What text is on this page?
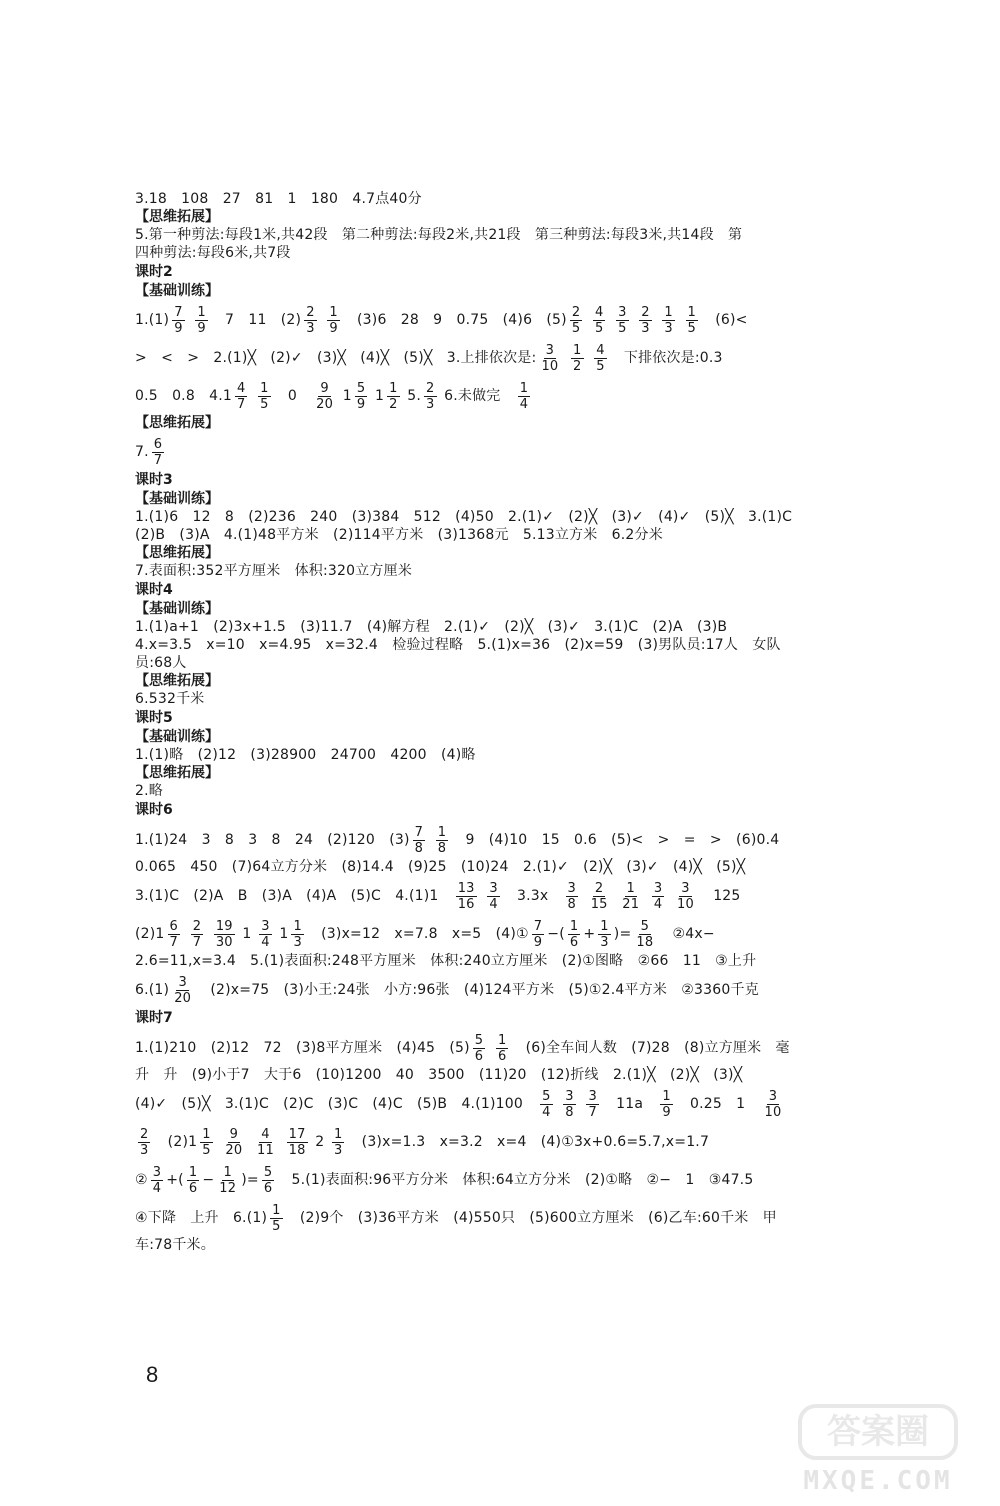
3.18　108　27　81　1　180　4.7点40分
【思维拓展】
5.第一种剪法:每段1米,共42段　第二种剪法:每段2米,共21段　第三种剪法:每段3米,共14段　第
四种剪法:每段6米,共7段
课时2
【基础训练】
$1.(1) \frac{7}{9}$
$\frac{1}{9}$ 　7　11　$(2) \frac{2}{3}$
$\frac{1}{9}$ 　(3)6　28　9　0.75　(4)6　$(5) \frac{2}{5}$
$\frac{4}{5}$
$\frac{3}{5}$
$\frac{2}{3}$
$\frac{1}{3}$
$\frac{1}{5}$ 　(6)<
>　<　>　2.(1)╳　(2)✓　(3)╳　(4)╳　(5)╳　3.上排依次是: $\frac{3}{10}$
$\frac{1}{2}$
$\frac{4}{5}$ 　下排依次是:0.3
0.5　0.8　$4.1 \frac{4}{7}$
$\frac{1}{5}$ 　0　 $\frac{9}{20} 1 \frac{5}{9} 1 \frac{1}{2} 5$. $\frac{2}{3} 6$.未做完　 $\frac{1}{4}$
【思维拓展】
7. $\frac{6}{7}$
课时3
【基础训练】
1.(1)6　12　8　(2)236　240　(3)384　512　(4)50　2.(1)✓　(2)╳　(3)✓　(4)✓　(5)╳　3.(1)C
(2)B　(3)A　4.(1)48平方米　(2)114平方米　(3)1368元　5.13立方米　6.2分米
【思维拓展】
7.表面积:352平方厘米　体积:320立方厘米
课时4
【基础训练】
1.(1)a+1　(2)3x+1.5　(3)11.7　(4)解方程　2.(1)✓　(2)╳　(3)✓　3.(1)C　(2)A　(3)B
4.x=3.5　x=10　x=4.95　x=32.4　检验过程略　5.(1)x=36　(2)x=59　(3)男队员:17人　女队
员:68人
【思维拓展】
6.532千米
课时5
【基础训练】
1.(1)略　(2)12　(3)28900　24700　4200　(4)略
【思维拓展】
2.略
课时6
1.(1)24　3　8　3　8　24　(2)120　$(3) \frac{7}{8}$
$\frac{1}{8}$ 　9　(4)10　15　0.6　(5)<　>　=　>　(6)0.4
0.065　450　(7)64立方分米　(8)14.4　(9)25　(10)24　2.(1)✓　(2)╳　(3)✓　(4)╳　(5)╳
3.(1)C　(2)A　B　(3)A　(4)A　(5)C　4.(1)1　 $\frac{13}{16}$
$\frac{3}{4}$ 　3.3x　 $\frac{3}{8}$
$\frac{2}{15}$
$\frac{1}{21}$
$\frac{3}{4}$
$\frac{3}{10}$ 　125
$(2)1 \frac{6}{7}$
$\frac{2}{7}$
$\frac{19}{30} 1 \frac{3}{4} 1 \frac{1}{3}$ 　(3)x=12　x=7.8　x=5　(4)① $\frac{7}{9}$ −( $\frac{1}{6} + \frac{1}{3}$ )= $\frac{5}{18}$ 　②4x−
2.6=11,x=3.4　5.(1)表面积:248平方厘米　体积:240立方厘米　(2)①图略　②66　11　③上升
$6.(1) \frac{3}{20}$ 　(2)x=75　(3)小王:24张　小方:96张　(4)124平方米　(5)①2.4平方米　②3360千克
课时7
1.(1)210　(2)12　72　(3)8平方厘米　(4)45　$(5) \frac{5}{6}$
$\frac{1}{6}$ 　(6)全车间人数　(7)28　(8)立方厘米　毫
升　升　(9)小于7　大于6　(10)1200　40　3500　(11)20　(12)折线　2.(1)╳　(2)╳　(3)╳
(4)✓　(5)╳　3.(1)C　(2)C　(3)C　(4)C　(5)B　4.(1)100　 $\frac{5}{4}$
$\frac{3}{8}$
$\frac{3}{7}$ 　11a　 $\frac{1}{9}$ 　0.25　1　 $\frac{3}{10}$
$\frac{2}{3}$ 　$(2)1 \frac{1}{5}$
$\frac{9}{20}$
$\frac{4}{11}$
$\frac{17}{18} 2 \frac{1}{3}$ 　(3)x=1.3　x=3.2　x=4　(4)①3x+0.6=5.7,x=1.7
② $\frac{3}{4}$ +( $\frac{1}{6} - \frac{1}{12}$ )= $\frac{5}{6}$ 　5.(1)表面积:96平方分米　体积:64立方分米　(2)①略　②−　1　③47.5
④下降　上升　$6.(1) \frac{1}{5}$ 　(2)9个　(3)36平方米　(4)550只　(5)600立方厘米　(6)乙车:60千米　甲
车:78千米。
8
答案圈
MXQE.COM
